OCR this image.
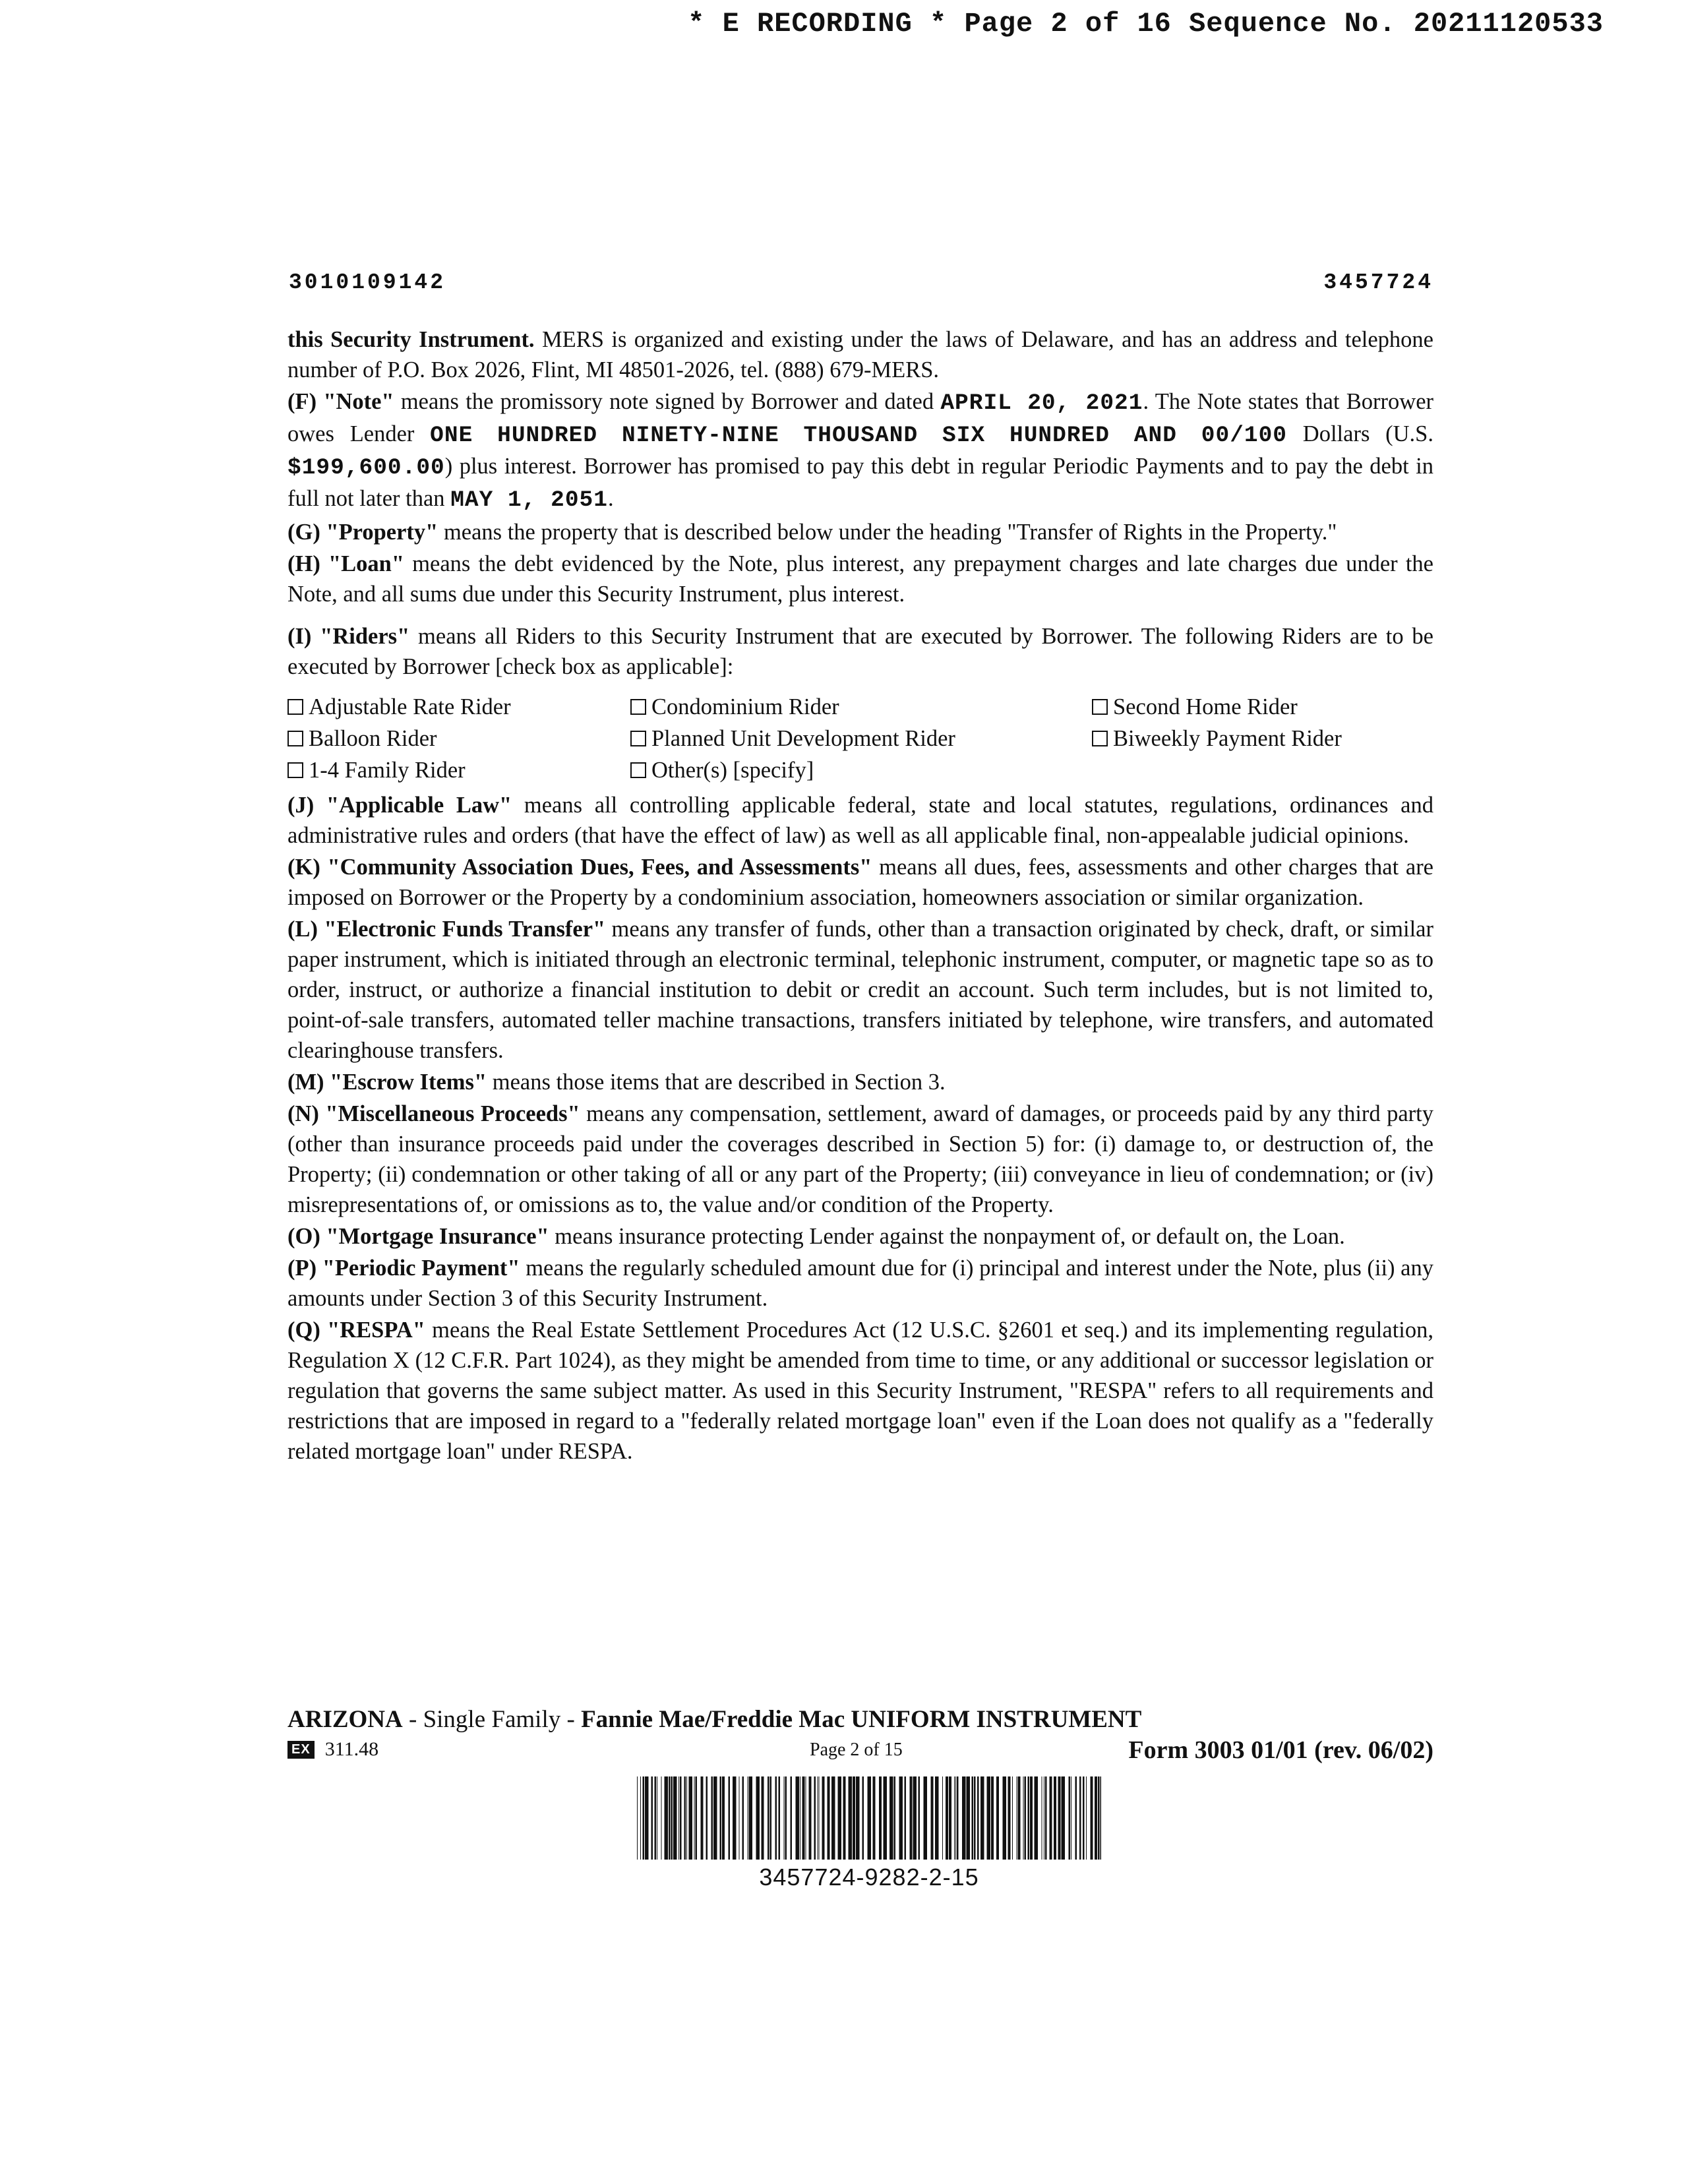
* E RECORDING * Page 2 of 16 Sequence No. 20211120533
3010109142	3457724

this Security Instrument. MERS is organized and existing under the laws of Delaware, and has an address and telephone number of P.O. Box 2026, Flint, MI 48501-2026, tel. (888) 679-MERS.

(F) "Note" means the promissory note signed by Borrower and dated APRIL 20, 2021. The Note states that Borrower owes Lender ONE HUNDRED NINETY-NINE THOUSAND SIX HUNDRED AND 00/100 Dollars (U.S. $199,600.00) plus interest. Borrower has promised to pay this debt in regular Periodic Payments and to pay the debt in full not later than MAY 1, 2051.

(G) "Property" means the property that is described below under the heading "Transfer of Rights in the Property."

(H) "Loan" means the debt evidenced by the Note, plus interest, any prepayment charges and late charges due under the Note, and all sums due under this Security Instrument, plus interest.

(I) "Riders" means all Riders to this Security Instrument that are executed by Borrower. The following Riders are to be executed by Borrower [check box as applicable]:

Adjustable Rate Rider	Condominium Rider	Second Home Rider
Balloon Rider	Planned Unit Development Rider	Biweekly Payment Rider
1-4 Family Rider	Other(s) [specify]

(J) "Applicable Law" means all controlling applicable federal, state and local statutes, regulations, ordinances and administrative rules and orders (that have the effect of law) as well as all applicable final, non-appealable judicial opinions.

(K) "Community Association Dues, Fees, and Assessments" means all dues, fees, assessments and other charges that are imposed on Borrower or the Property by a condominium association, homeowners association or similar organization.

(L) "Electronic Funds Transfer" means any transfer of funds, other than a transaction originated by check, draft, or similar paper instrument, which is initiated through an electronic terminal, telephonic instrument, computer, or magnetic tape so as to order, instruct, or authorize a financial institution to debit or credit an account. Such term includes, but is not limited to, point-of-sale transfers, automated teller machine transactions, transfers initiated by telephone, wire transfers, and automated clearinghouse transfers.

(M) "Escrow Items" means those items that are described in Section 3.

(N) "Miscellaneous Proceeds" means any compensation, settlement, award of damages, or proceeds paid by any third party (other than insurance proceeds paid under the coverages described in Section 5) for: (i) damage to, or destruction of, the Property; (ii) condemnation or other taking of all or any part of the Property; (iii) conveyance in lieu of condemnation; or (iv) misrepresentations of, or omissions as to, the value and/or condition of the Property.

(O) "Mortgage Insurance" means insurance protecting Lender against the nonpayment of, or default on, the Loan.

(P) "Periodic Payment" means the regularly scheduled amount due for (i) principal and interest under the Note, plus (ii) any amounts under Section 3 of this Security Instrument.

(Q) "RESPA" means the Real Estate Settlement Procedures Act (12 U.S.C. §2601 et seq.) and its implementing regulation, Regulation X (12 C.F.R. Part 1024), as they might be amended from time to time, or any additional or successor legislation or regulation that governs the same subject matter. As used in this Security Instrument, "RESPA" refers to all requirements and restrictions that are imposed in regard to a "federally related mortgage loan" even if the Loan does not qualify as a "federally related mortgage loan" under RESPA.

ARIZONA - Single Family - Fannie Mae/Freddie Mac UNIFORM INSTRUMENT
EX 311.48	Page 2 of 15	Form 3003 01/01 (rev. 06/02)
3457724-9282-2-15
